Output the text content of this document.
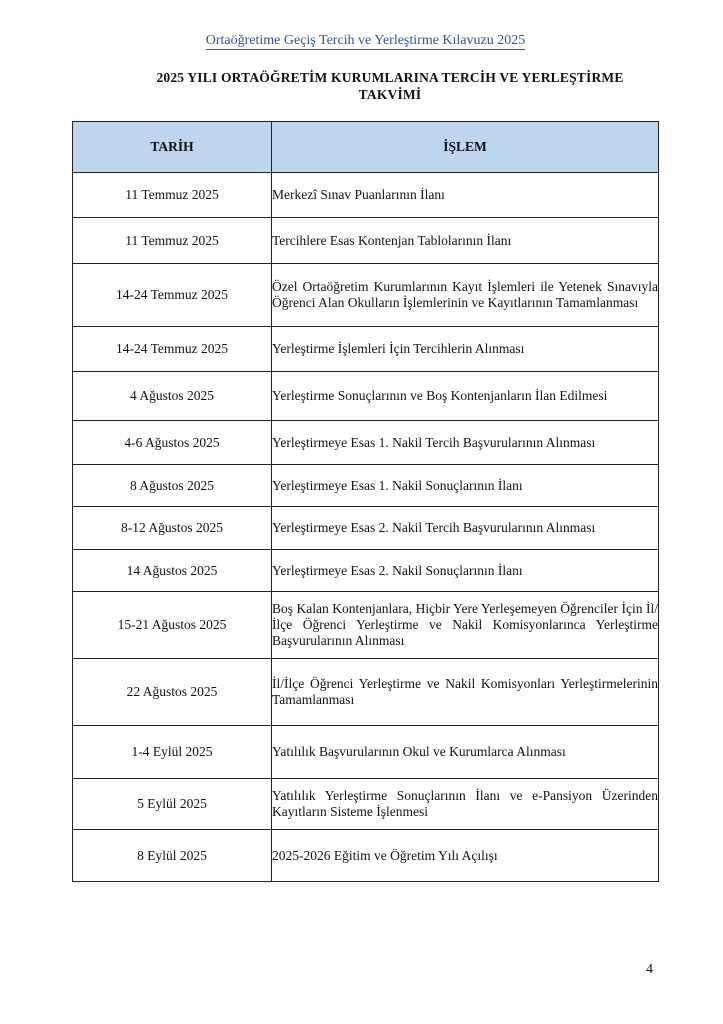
Ortaöğretime Geçiş Tercih ve Yerleştirme Kılavuzu 2025
2025 YILI ORTAÖĞRETİM KURUMLARINA TERCİH VE YERLEŞTİRME TAKVİMİ
TARİH	İŞLEM
11 Temmuz 2025	Merkezî Sınav Puanlarının İlanı
11 Temmuz 2025	Tercihlere Esas Kontenjan Tablolarının İlanı
14-24 Temmuz 2025	Özel Ortaöğretim Kurumlarının Kayıt İşlemleri ile Yetenek Sınavıyla Öğrenci Alan Okulların İşlemlerinin ve Kayıtlarının Tamamlanması
14-24 Temmuz 2025	Yerleştirme İşlemleri İçin Tercihlerin Alınması
4 Ağustos 2025	Yerleştirme Sonuçlarının ve Boş Kontenjanların İlan Edilmesi
4-6 Ağustos 2025	Yerleştirmeye Esas 1. Nakil Tercih Başvurularının Alınması
8 Ağustos 2025	Yerleştirmeye Esas 1. Nakil Sonuçlarının İlanı
8-12 Ağustos 2025	Yerleştirmeye Esas 2. Nakil Tercih Başvurularının Alınması
14 Ağustos 2025	Yerleştirmeye Esas 2. Nakil Sonuçlarının İlanı
15-21 Ağustos 2025	Boş Kalan Kontenjanlara, Hiçbir Yere Yerleşemeyen Öğrenciler İçin İl/İlçe Öğrenci Yerleştirme ve Nakil Komisyonlarınca Yerleştirme Başvurularının Alınması
22 Ağustos 2025	İl/İlçe Öğrenci Yerleştirme ve Nakil Komisyonları Yerleştirmelerinin Tamamlanması
1-4 Eylül 2025	Yatılılık Başvurularının Okul ve Kurumlarca Alınması
5 Eylül 2025	Yatılılık Yerleştirme Sonuçlarının İlanı ve e-Pansiyon Üzerinden Kayıtların Sisteme İşlenmesi
8 Eylül 2025	2025-2026 Eğitim ve Öğretim Yılı Açılışı
4
